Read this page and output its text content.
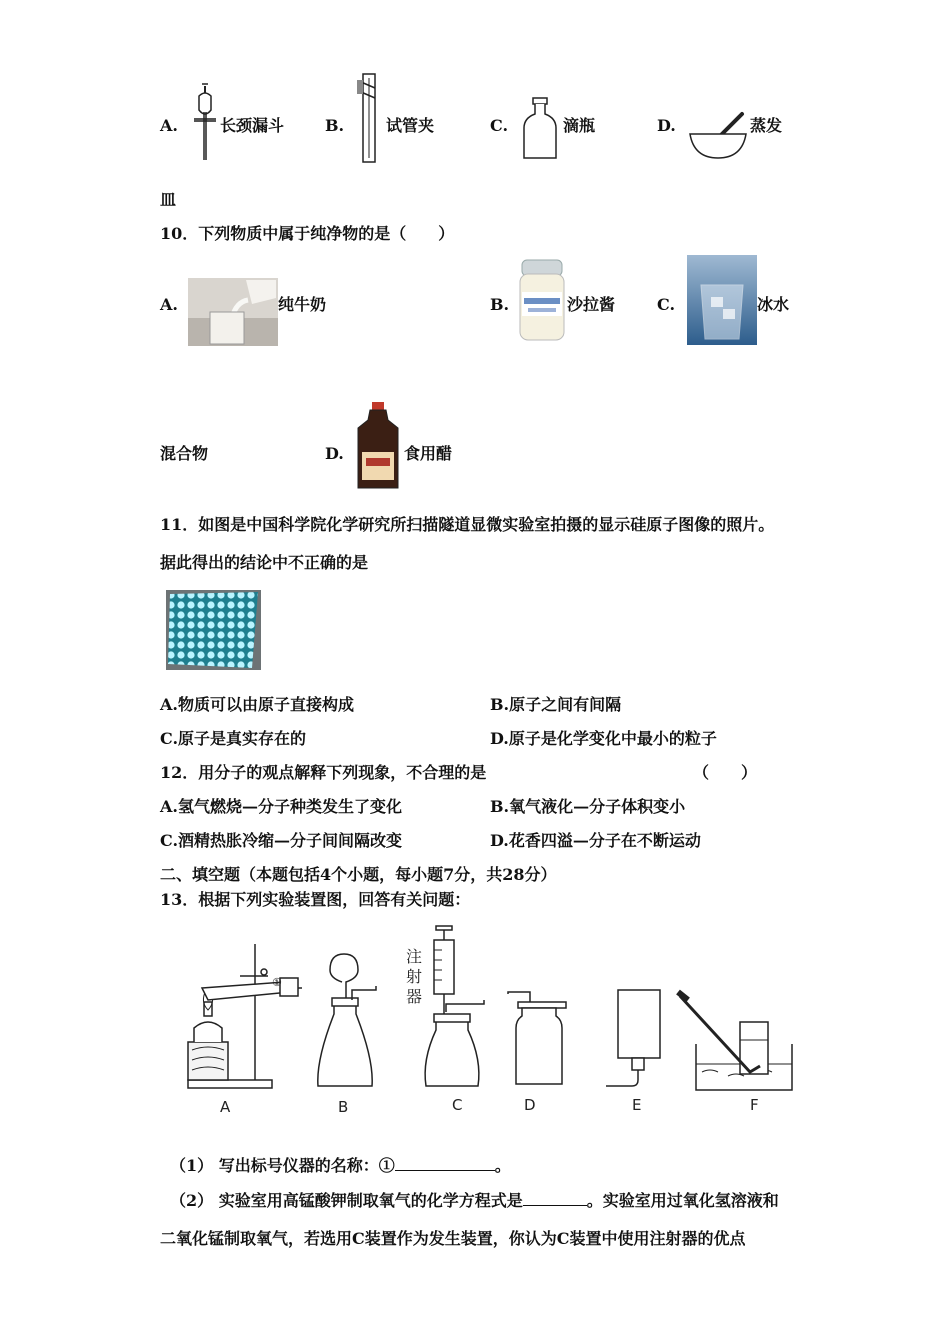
A.	长颈漏斗	B.	试管夹	C.	滴瓶	D.	蒸发
皿
10．下列物质中属于纯净物的是（　　）
A.	纯牛奶	B.	沙拉酱	C.	冰水
混合物	D.	食用醋
11．如图是中国科学院化学研究所扫描隧道显微实验室拍摄的显示硅原子图像的照片。
据此得出的结论中不正确的是
A.物质可以由原子直接构成	B.原子之间有间隔
C.原子是真实存在的	D.原子是化学变化中最小的粒子
12．用分子的观点解释下列现象，不合理的是	（　　）
A.氢气燃烧—分子种类发生了变化	B.氧气液化—分子体积变小
C.酒精热胀冷缩—分子间间隔改变	D.花香四溢—分子在不断运动
二、填空题（本题包括4个小题，每小题7分，共28分）
13．根据下列实验装置图，回答有关问题：
A	B	C	D	E	F
注
射
器
①
（1） 写出标号仪器的名称：①	。
（2） 实验室用高锰酸钾制取氧气的化学方程式是	。实验室用过氧化氢溶液和
二氧化锰制取氧气，若选用C装置作为发生装置，你认为C装置中使用注射器的优点
